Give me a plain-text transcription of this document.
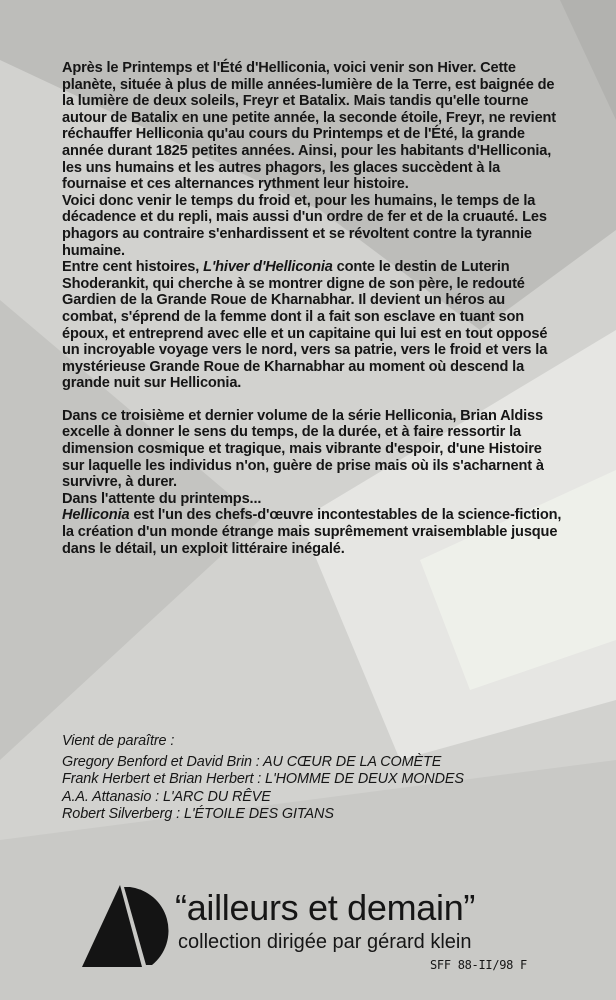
Après le Printemps et l'Été d'Helliconia, voici venir son Hiver. Cette planète, située à plus de mille années-lumière de la Terre, est baignée de la lumière de deux soleils, Freyr et Batalix. Mais tandis qu'elle tourne autour de Batalix en une petite année, la seconde étoile, Freyr, ne revient réchauffer Helliconia qu'au cours du Printemps et de l'Été, la grande année durant 1825 petites années. Ainsi, pour les habitants d'Helliconia, les uns humains et les autres phagors, les glaces succèdent à la fournaise et ces alternances rythment leur histoire.

Voici donc venir le temps du froid et, pour les humains, le temps de la décadence et du repli, mais aussi d'un ordre de fer et de la cruauté. Les phagors au contraire s'enhardissent et se révoltent contre la tyrannie humaine.

Entre cent histoires, L'hiver d'Helliconia conte le destin de Luterin Shoderankit, qui cherche à se montrer digne de son père, le redouté Gardien de la Grande Roue de Kharnabhar. Il devient un héros au combat, s'éprend de la femme dont il a fait son esclave en tuant son époux, et entreprend avec elle et un capitaine qui lui est en tout opposé un incroyable voyage vers le nord, vers sa patrie, vers le froid et vers la mystérieuse Grande Roue de Kharnabhar au moment où descend la grande nuit sur Helliconia.

Dans ce troisième et dernier volume de la série Helliconia, Brian Aldiss excelle à donner le sens du temps, de la durée, et à faire ressortir la dimension cosmique et tragique, mais vibrante d'espoir, d'une Histoire sur laquelle les individus n'on, guère de prise mais où ils s'acharnent à survivre, à durer.

Dans l'attente du printemps...

Helliconia est l'un des chefs-d'œuvre incontestables de la science-fiction, la création d'un monde étrange mais suprêmement vraisemblable jusque dans le détail, un exploit littéraire inégalé.

Vient de paraître :
Gregory Benford et David Brin : AU CŒUR DE LA COMÈTE
Frank Herbert et Brian Herbert : L'HOMME DE DEUX MONDES
A.A. Attanasio : L'ARC DU RÊVE
Robert Silverberg : L'ÉTOILE DES GITANS
“ailleurs et demain”
collection dirigée par gérard klein
SFF 88-II/98 F
